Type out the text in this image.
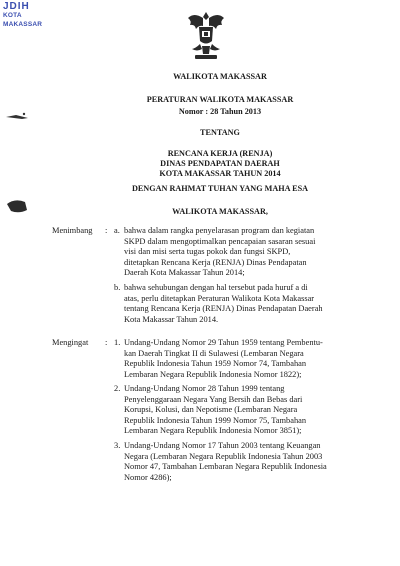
JDIH
KOTA MAKASSAR
WALIKOTA MAKASSAR
PERATURAN WALIKOTA MAKASSAR
Nomor : 28 Tahun 2013
TENTANG
RENCANA KERJA (RENJA)
DINAS PENDAPATAN DAERAH
KOTA MAKASSAR TAHUN 2014
DENGAN RAHMAT TUHAN YANG MAHA ESA
WALIKOTA MAKASSAR,
Menimbang : a. bahwa dalam rangka penyelarasan program dan kegiatan
SKPD dalam mengoptimalkan pencapaian sasaran sesuai
visi dan misi serta tugas pokok dan fungsi SKPD,
ditetapkan Rencana Kerja (RENJA) Dinas Pendapatan
Daerah Kota Makassar Tahun 2014;
b. bahwa sehubungan dengan hal tersebut pada huruf a di
atas, perlu ditetapkan Peraturan Walikota Kota Makassar
tentang Rencana Kerja (RENJA) Dinas Pendapatan Daerah
Kota Makassar Tahun 2014.
Mengingat : 1. Undang-Undang Nomor 29 Tahun 1959 tentang Pembentu-
kan Daerah Tingkat II di Sulawesi (Lembaran Negara
Republik Indonesia Tahun 1959 Nomor 74, Tambahan
Lembaran Negara Republik Indonesia Nomor 1822);
2. Undang-Undang Nomor 28 Tahun 1999 tentang
Penyelenggaraan Negara Yang Bersih dan Bebas dari
Korupsi, Kolusi, dan Nepotisme (Lembaran Negara
Republik Indonesia Tahun 1999 Nomor 75, Tambahan
Lembaran Negara Republik Indonesia Nomor 3851);
3. Undang-Undang Nomor 17 Tahun 2003 tentang Keuangan
Negara (Lembaran Negara Republik Indonesia Tahun 2003
Nomor 47, Tambahan Lembaran Negara Republik Indonesia
Nomor 4286);
